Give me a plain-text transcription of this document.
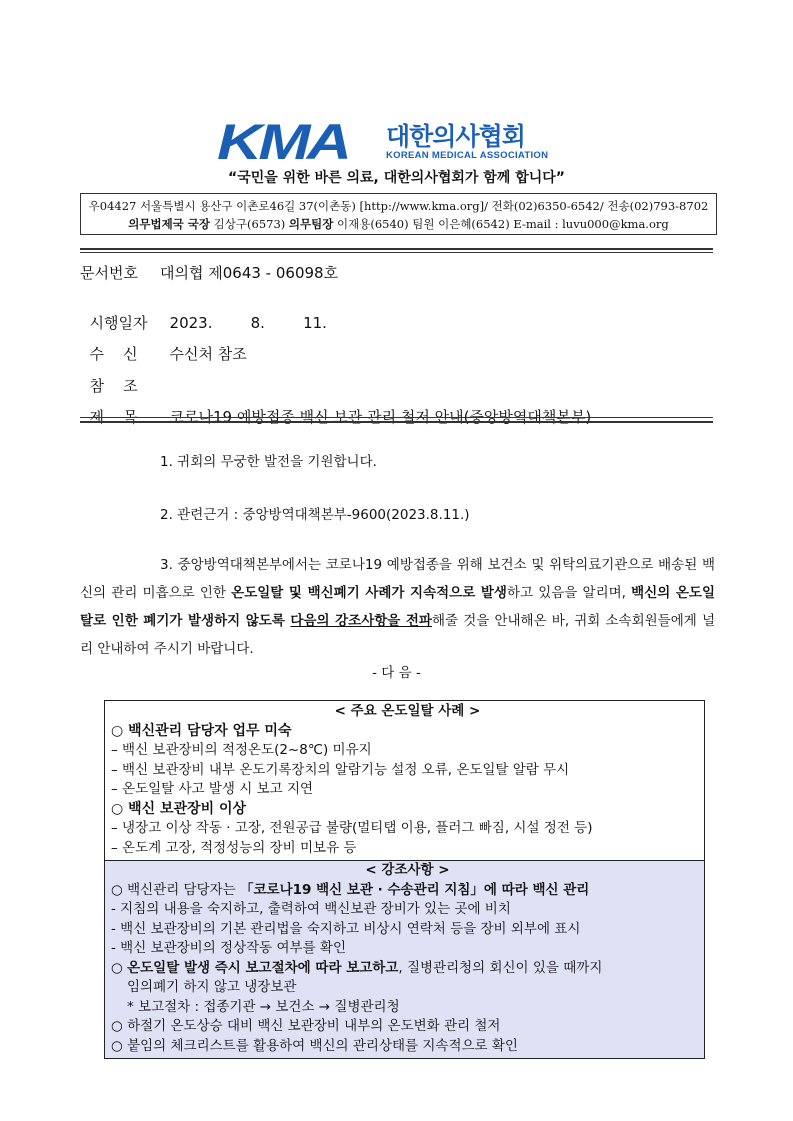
KMA	대한의사협회
KOREAN MEDICAL ASSOCIATION
“국민을 위한 바른 의료, 대한의사협회가 함께 합니다”
우04427 서울특별시 용산구 이촌로46길 37(이촌동) [http://www.kma.org]/ 전화(02)6350-6542/ 전송(02)793-8702
의무법제국 국장 김상구(6573) 의무팀장 이재용(6540) 팀원 이은혜(6542) E-mail : luvu000@kma.org
문서번호 대의협 제0643 - 06098호

시행일자 2023.        8.        11.

수    신 수신처 참조

참    조

제    목 코로나19 예방접종 백신 보관 관리 철저 안내(중앙방역대책본부)

1. 귀회의 무궁한 발전을 기원합니다.
2. 관련근거 : 중앙방역대책본부-9600(2023.8.11.)
3. 중앙방역대책본부에서는 코로나19 예방접종을 위해 보건소 및 위탁의료기관으로 배송된 백신의 관리 미흡으로 인한 온도일탈 및 백신폐기 사례가 지속적으로 발생하고 있음을 알리며, 백신의 온도일탈로 인한 폐기가 발생하지 않도록 다음의 강조사항을 전파해줄 것을 안내해온 바, 귀회 소속회원들에게 널리 안내하여 주시기 바랍니다.
- 다 음 -
< 주요 온도일탈 사례 >
○ 백신관리 담당자 업무 미숙
– 백신 보관장비의 적정온도(2~8℃) 미유지
– 백신 보관장비 내부 온도기록장치의 알람기능 설정 오류, 온도일탈 알람 무시
– 온도일탈 사고 발생 시 보고 지연
○ 백신 보관장비 이상
– 냉장고 이상 작동 · 고장, 전원공급 불량(멀티탭 이용, 플러그 빠짐, 시설 정전 등)
– 온도계 고장, 적정성능의 장비 미보유 등
< 강조사항 >
○ 백신관리 담당자는 「코로나19 백신 보관 · 수송관리 지침」에 따라 백신 관리
- 지침의 내용을 숙지하고, 출력하여 백신보관 장비가 있는 곳에 비치
- 백신 보관장비의 기본 관리법을 숙지하고 비상시 연락처 등을 장비 외부에 표시
- 백신 보관장비의 정상작동 여부를 확인
○ 온도일탈 발생 즉시 보고절차에 따라 보고하고, 질병관리청의 회신이 있을 때까지
임의폐기 하지 않고 냉장보관
* 보고절차 : 접종기관 → 보건소 → 질병관리청
○ 하절기 온도상승 대비 백신 보관장비 내부의 온도변화 관리 철저
○ 붙임의 체크리스트를 활용하여 백신의 관리상태를 지속적으로 확인
